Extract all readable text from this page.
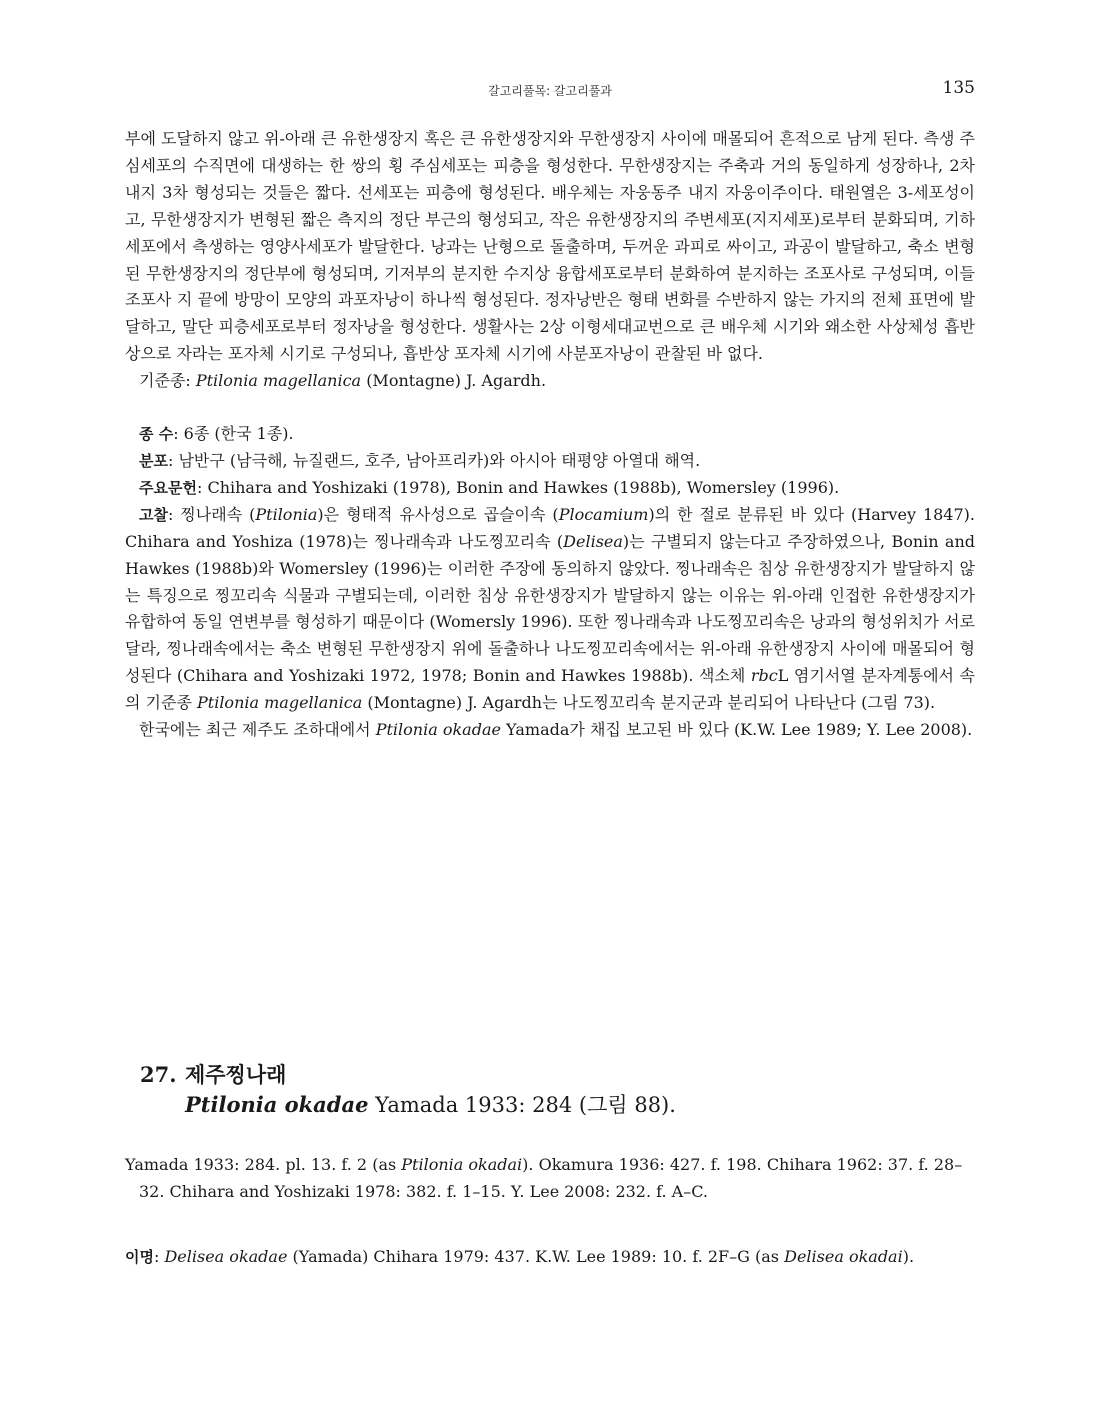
갈고리풀목: 갈고리풀과	135

부에 도달하지 않고 위-아래 큰 유한생장지 혹은 큰 유한생장지와 무한생장지 사이에 매몰되어 흔적으로 남게 된다. 측생 주심세포의 수직면에 대생하는 한 쌍의 횡 주심세포는 피층을 형성한다. 무한생장지는 주축과 거의 동일하게 성장하나, 2차 내지 3차 형성되는 것들은 짧다. 선세포는 피층에 형성된다. 배우체는 자웅동주 내지 자웅이주이다. 태원열은 3-세포성이고, 무한생장지가 변형된 짧은 측지의 정단 부근의 형성되고, 작은 유한생장지의 주변세포(지지세포)로부터 분화되며, 기하세포에서 측생하는 영양사세포가 발달한다. 낭과는 난형으로 돌출하며, 두꺼운 과피로 싸이고, 과공이 발달하고, 축소 변형된 무한생장지의 정단부에 형성되며, 기저부의 분지한 수지상 융합세포로부터 분화하여 분지하는 조포사로 구성되며, 이들 조포사 지 끝에 방망이 모양의 과포자낭이 하나씩 형성된다. 정자낭반은 형태 변화를 수반하지 않는 가지의 전체 표면에 발달하고, 말단 피층세포로부터 정자낭을 형성한다. 생활사는 2상 이형세대교번으로 큰 배우체 시기와 왜소한 사상체성 흡반상으로 자라는 포자체 시기로 구성되나, 흡반상 포자체 시기에 사분포자낭이 관찰된 바 없다.

기준종: Ptilonia magellanica (Montagne) J. Agardh.

종 수: 6종 (한국 1종).

분포: 남반구 (남극해, 뉴질랜드, 호주, 남아프리카)와 아시아 태평양 아열대 해역.

주요문헌: Chihara and Yoshizaki (1978), Bonin and Hawkes (1988b), Womersley (1996).

고찰: 찡나래속 (Ptilonia)은 형태적 유사성으로 곱슬이속 (Plocamium)의 한 절로 분류된 바 있다 (Harvey 1847). Chihara and Yoshiza (1978)는 찡나래속과 나도찡꼬리속 (Delisea)는 구별되지 않는다고 주장하였으나, Bonin and Hawkes (1988b)와 Womersley (1996)는 이러한 주장에 동의하지 않았다. 찡나래속은 침상 유한생장지가 발달하지 않는 특징으로 찡꼬리속 식물과 구별되는데, 이러한 침상 유한생장지가 발달하지 않는 이유는 위-아래 인접한 유한생장지가 유합하여 동일 연변부를 형성하기 때문이다 (Womersly 1996). 또한 찡나래속과 나도찡꼬리속은 낭과의 형성위치가 서로 달라, 찡나래속에서는 축소 변형된 무한생장지 위에 돌출하나 나도찡꼬리속에서는 위-아래 유한생장지 사이에 매몰되어 형성된다 (Chihara and Yoshizaki 1972, 1978; Bonin and Hawkes 1988b). 색소체 rbcL 염기서열 분자계통에서 속의 기준종 Ptilonia magellanica (Montagne) J. Agardh는 나도찡꼬리속 분지군과 분리되어 나타난다 (그림 73).

한국에는 최근 제주도 조하대에서 Ptilonia okadae Yamada가 채집 보고된 바 있다 (K.W. Lee 1989; Y. Lee 2008).

27. 제주찡나래
Ptilonia okadae Yamada 1933: 284 (그림 88).

Yamada 1933: 284. pl. 13. f. 2 (as Ptilonia okadai). Okamura 1936: 427. f. 198. Chihara 1962: 37. f. 28–32. Chihara and Yoshizaki 1978: 382. f. 1–15. Y. Lee 2008: 232. f. A–C.

이명: Delisea okadae (Yamada) Chihara 1979: 437. K.W. Lee 1989: 10. f. 2F–G (as Delisea okadai).
